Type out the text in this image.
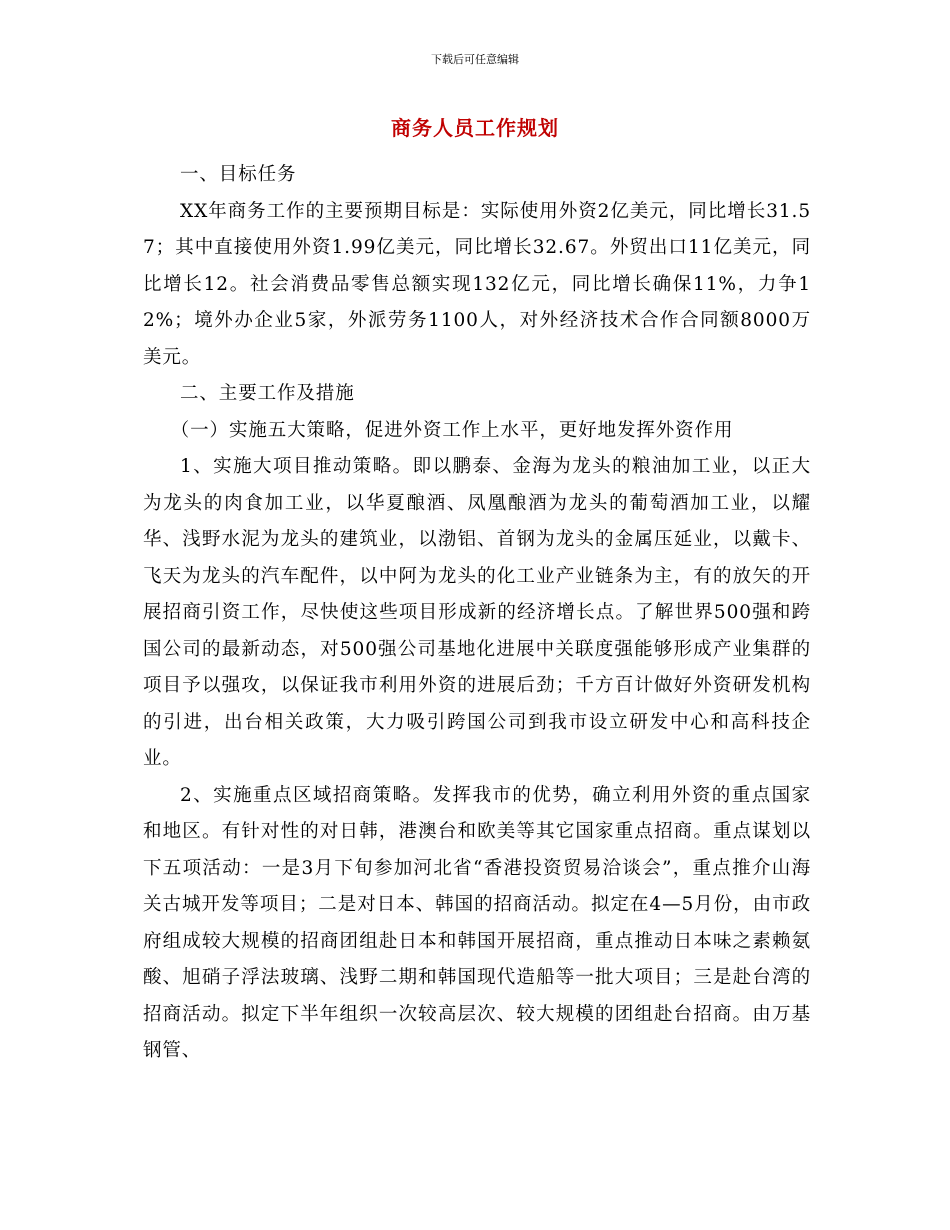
下载后可任意编辑
商务人员工作规划

一、目标任务

XX年商务工作的主要预期目标是：实际使用外资2亿美元，同比增长31.57；其中直接使用外资1.99亿美元，同比增长32.67。外贸出口11亿美元，同比增长12。社会消费品零售总额实现132亿元，同比增长确保11%，力争12%；境外办企业5家，外派劳务1100人，对外经济技术合作合同额8000万美元。

二、主要工作及措施

（一）实施五大策略，促进外资工作上水平，更好地发挥外资作用

1、实施大项目推动策略。即以鹏泰、金海为龙头的粮油加工业，以正大为龙头的肉食加工业，以华夏酿酒、凤凰酿酒为龙头的葡萄酒加工业，以耀华、浅野水泥为龙头的建筑业，以渤铝、首钢为龙头的金属压延业，以戴卡、飞天为龙头的汽车配件，以中阿为龙头的化工业产业链条为主，有的放矢的开展招商引资工作，尽快使这些项目形成新的经济增长点。了解世界500强和跨国公司的最新动态，对500强公司基地化进展中关联度强能够形成产业集群的项目予以强攻，以保证我市利用外资的进展后劲；千方百计做好外资研发机构的引进，出台相关政策，大力吸引跨国公司到我市设立研发中心和高科技企业。

2、实施重点区域招商策略。发挥我市的优势，确立利用外资的重点国家和地区。有针对性的对日韩，港澳台和欧美等其它国家重点招商。重点谋划以下五项活动：一是3月下旬参加河北省“香港投资贸易洽谈会”，重点推介山海关古城开发等项目；二是对日本、韩国的招商活动。拟定在4—5月份，由市政府组成较大规模的招商团组赴日本和韩国开展招商，重点推动日本味之素赖氨酸、旭硝子浮法玻璃、浅野二期和韩国现代造船等一批大项目；三是赴台湾的招商活动。拟定下半年组织一次较高层次、较大规模的团组赴台招商。由万基钢管、
